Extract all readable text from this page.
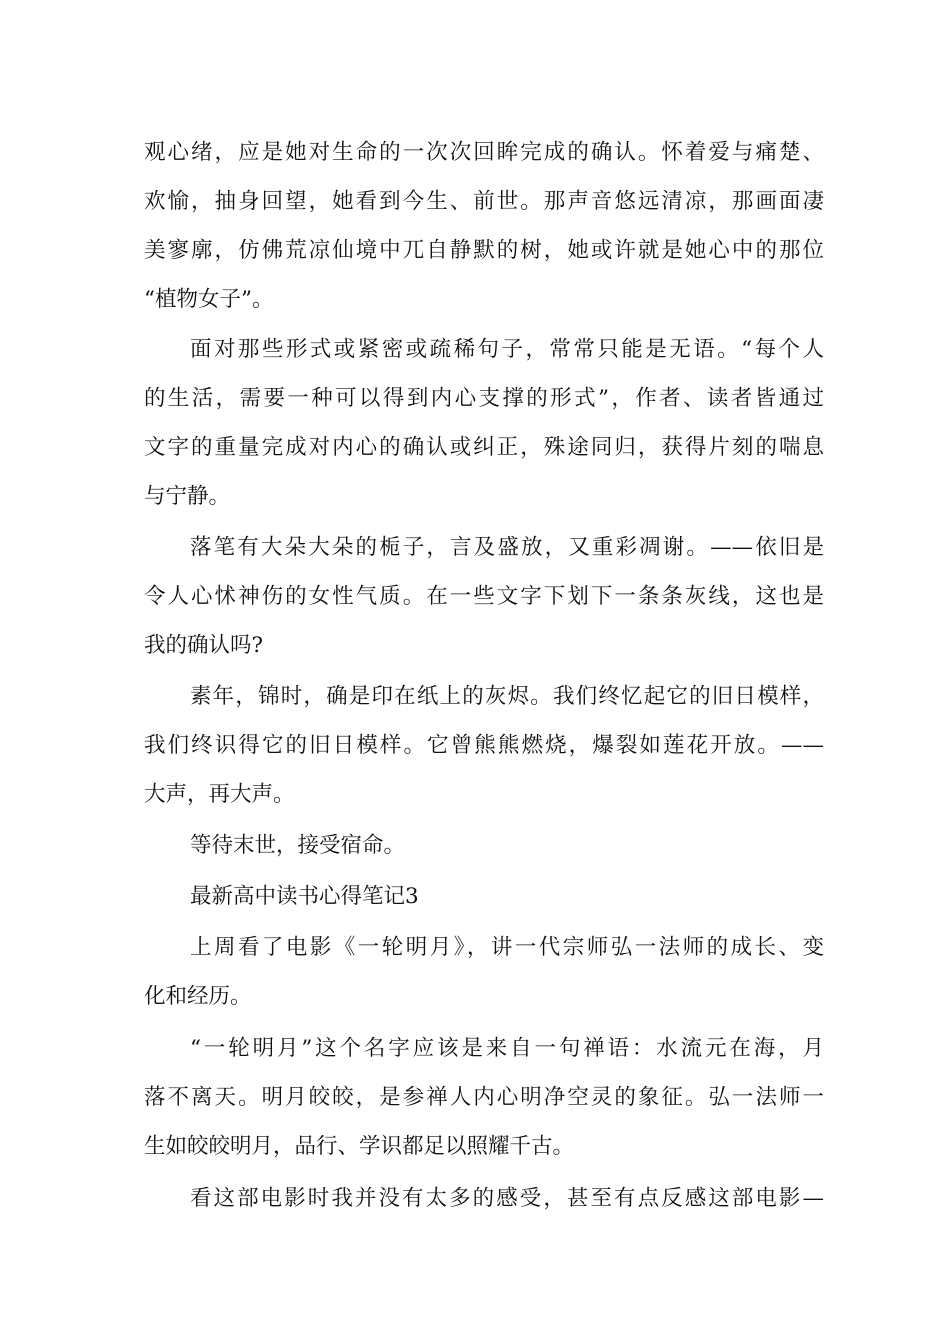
观心绪，应是她对生命的一次次回眸完成的确认。怀着爱与痛楚、
欢愉，抽身回望，她看到今生、前世。那声音悠远清凉，那画面凄
美寥廓，仿佛荒凉仙境中兀自静默的树，她或许就是她心中的那位
“植物女子”。
面对那些形式或紧密或疏稀句子，常常只能是无语。“每个人
的生活，需要一种可以得到内心支撑的形式”，作者、读者皆通过
文字的重量完成对内心的确认或纠正，殊途同归，获得片刻的喘息
与宁静。
落笔有大朵大朵的栀子，言及盛放，又重彩凋谢。——依旧是
令人心怵神伤的女性气质。在一些文字下划下一条条灰线，这也是
我的确认吗?
素年，锦时，确是印在纸上的灰烬。我们终忆起它的旧日模样，
我们终识得它的旧日模样。它曾熊熊燃烧，爆裂如莲花开放。——
大声，再大声。
等待末世，接受宿命。
最新高中读书心得笔记3
上周看了电影《一轮明月》，讲一代宗师弘一法师的成长、变
化和经历。
“一轮明月”这个名字应该是来自一句禅语：水流元在海，月
落不离天。明月皎皎，是参禅人内心明净空灵的象征。弘一法师一
生如皎皎明月，品行、学识都足以照耀千古。
看这部电影时我并没有太多的感受，甚至有点反感这部电影—
